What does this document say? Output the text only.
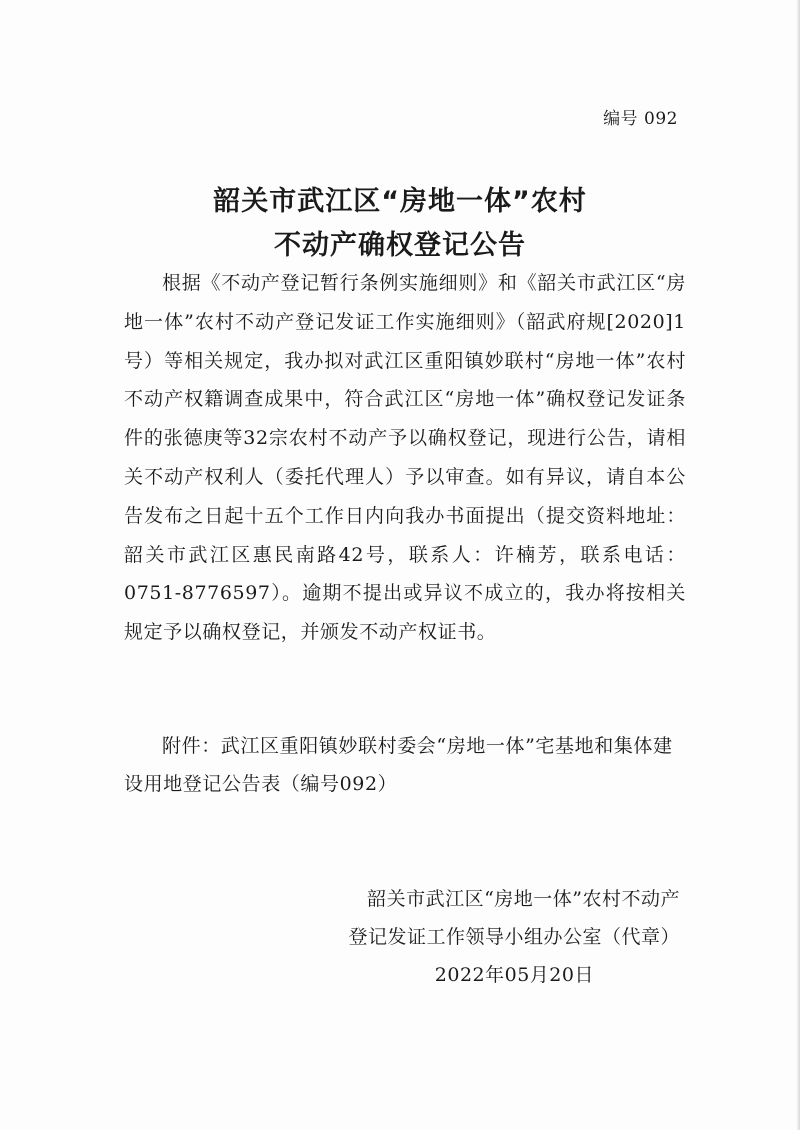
编号 092
韶关市武江区“房地一体”农村
不动产确权登记公告
根据《不动产登记暂行条例实施细则》和《韶关市武江区“房地一体”农村不动产登记发证工作实施细则》（韶武府规[2020]1号）等相关规定，我办拟对武江区重阳镇妙联村“房地一体”农村不动产权籍调查成果中，符合武江区“房地一体”确权登记发证条件的张德庚等32宗农村不动产予以确权登记，现进行公告，请相关不动产权利人（委托代理人）予以审查。如有异议，请自本公告发布之日起十五个工作日内向我办书面提出（提交资料地址：韶关市武江区惠民南路42号，联系人：许楠芳，联系电话：0751-8776597）。逾期不提出或异议不成立的，我办将按相关规定予以确权登记，并颁发不动产权证书。
附件：武江区重阳镇妙联村委会“房地一体”宅基地和集体建设用地登记公告表（编号092）
韶关市武江区“房地一体”农村不动产
登记发证工作领导小组办公室（代章）
2022年05月20日
